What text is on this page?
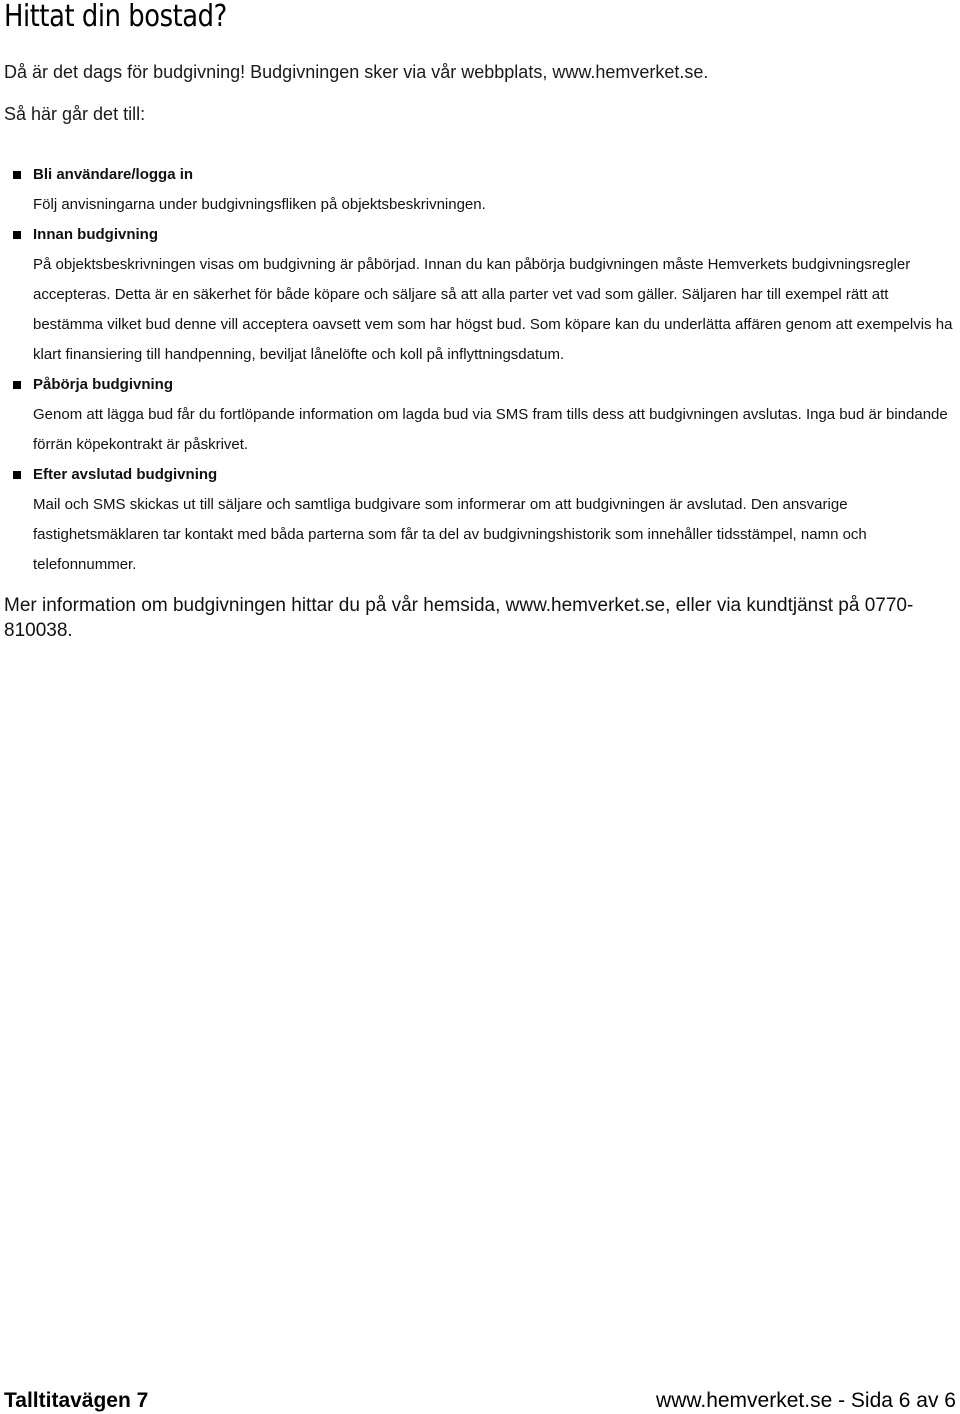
Hittat din bostad?

Då är det dags för budgivning! Budgivningen sker via vår webbplats, www.hemverket.se.

Så här går det till:

Bli användare/logga in

Följ anvisningarna under budgivningsfliken på objektsbeskrivningen.

Innan budgivning

På objektsbeskrivningen visas om budgivning är påbörjad. Innan du kan påbörja budgivningen måste Hemverkets budgivningsregler accepteras. Detta är en säkerhet för både köpare och säljare så att alla parter vet vad som gäller. Säljaren har till exempel rätt att bestämma vilket bud denne vill acceptera oavsett vem som har högst bud. Som köpare kan du underlätta affären genom att exempelvis ha klart finansiering till handpenning, beviljat lånelöfte och koll på inflyttningsdatum.

Påbörja budgivning

Genom att lägga bud får du fortlöpande information om lagda bud via SMS fram tills dess att budgivningen avslutas. Inga bud är bindande förrän köpekontrakt är påskrivet.

Efter avslutad budgivning

Mail och SMS skickas ut till säljare och samtliga budgivare som informerar om att budgivningen är avslutad. Den ansvarige fastighetsmäklaren tar kontakt med båda parterna som får ta del av budgivningshistorik som innehåller tidsstämpel, namn och telefonnummer.

Mer information om budgivningen hittar du på vår hemsida, www.hemverket.se, eller via kundtjänst på 0770-810038.

Talltitavägen 7	www.hemverket.se - Sida 6 av 6
